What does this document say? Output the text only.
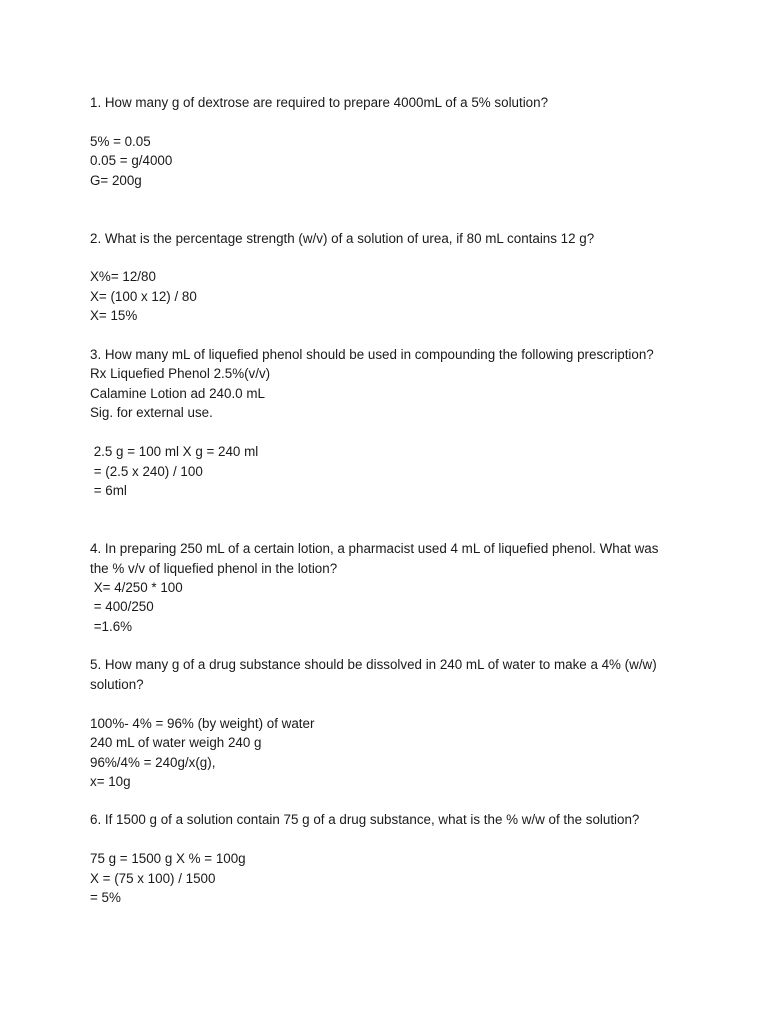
1. How many g of dextrose are required to prepare 4000mL of a 5% solution?

5% = 0.05

0.05 = g/4000

G= 200g

2. What is the percentage strength (w/v) of a solution of urea, if 80 mL contains 12 g?

X%= 12/80

X= (100 x 12) / 80

X= 15%

3. How many mL of liquefied phenol should be used in compounding the following prescription?

Rx Liquefied Phenol 2.5%(v/v)

Calamine Lotion ad 240.0 mL

Sig. for external use.

2.5 g = 100 ml X g = 240 ml

= (2.5 x 240) / 100

= 6ml

4. In preparing 250 mL of a certain lotion, a pharmacist used 4 mL of liquefied phenol. What was

the % v/v of liquefied phenol in the lotion?

X= 4/250 * 100

= 400/250

=1.6%

5. How many g of a drug substance should be dissolved in 240 mL of water to make a 4% (w/w)

solution?

100%- 4% = 96% (by weight) of water

240 mL of water weigh 240 g

96%/4% = 240g/x(g),

x= 10g

6. If 1500 g of a solution contain 75 g of a drug substance, what is the % w/w of the solution?

75 g = 1500 g X % = 100g

X = (75 x 100) / 1500

= 5%
